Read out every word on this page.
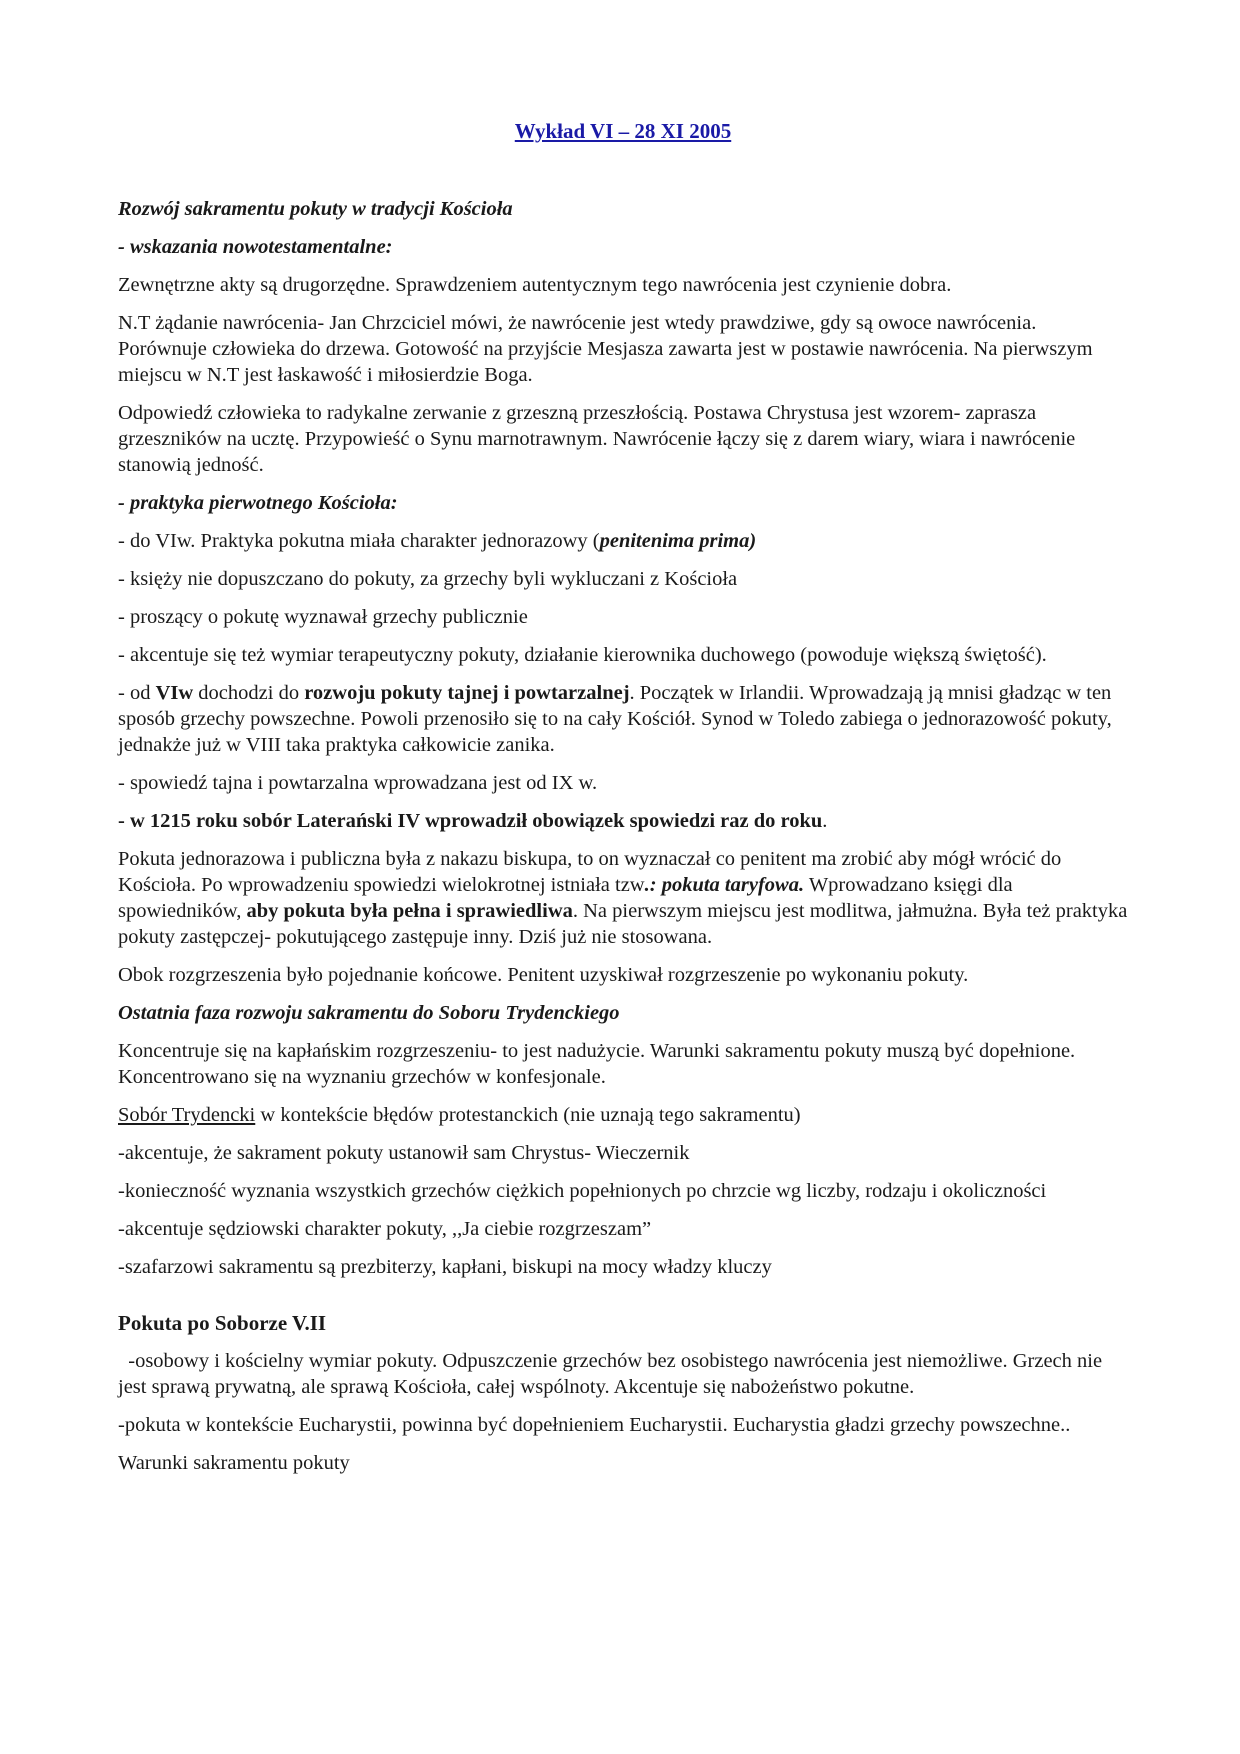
Wykład VI – 28 XI 2005
Rozwój sakramentu pokuty w tradycji Kościoła
- wskazania nowotestamentalne:
Zewnętrzne akty są drugorzędne. Sprawdzeniem autentycznym tego nawrócenia jest czynienie dobra.
N.T żądanie nawrócenia- Jan Chrzciciel mówi, że nawrócenie jest wtedy prawdziwe, gdy są owoce nawrócenia. Porównuje człowieka do drzewa. Gotowość na przyjście Mesjasza zawarta jest w postawie nawrócenia. Na pierwszym miejscu w N.T jest łaskawość i miłosierdzie Boga.
Odpowiedź człowieka to radykalne zerwanie z grzeszną przeszłością. Postawa Chrystusa jest wzorem- zaprasza grzeszników na ucztę. Przypowieść o Synu marnotrawnym. Nawrócenie łączy się z darem wiary, wiara i nawrócenie stanowią jedność.
- praktyka pierwotnego Kościoła:
- do VIw. Praktyka pokutna miała charakter jednorazowy (penitenima prima)
- księży nie dopuszczano do pokuty, za grzechy byli wykluczani z Kościoła
- proszący o pokutę wyznawał grzechy publicznie
- akcentuje się też wymiar terapeutyczny pokuty, działanie kierownika duchowego (powoduje większą świętość).
- od VIw dochodzi do rozwoju pokuty tajnej i powtarzalnej. Początek w Irlandii. Wprowadzają ją mnisi gładząc w ten sposób grzechy powszechne. Powoli przenosiło się to na cały Kościół. Synod w Toledo zabiega o jednorazowość pokuty, jednakże już w VIII taka praktyka całkowicie zanika.
- spowiedź tajna i powtarzalna wprowadzana jest od IX w.
- w 1215 roku sobór Laterański IV wprowadził obowiązek spowiedzi raz do roku.
Pokuta jednorazowa i publiczna była z nakazu biskupa, to on wyznaczał co penitent ma zrobić aby mógł wrócić do Kościoła. Po wprowadzeniu spowiedzi wielokrotnej istniała tzw.: pokuta taryfowa. Wprowadzano księgi dla spowiedników, aby pokuta była pełna i sprawiedliwa. Na pierwszym miejscu jest modlitwa, jałmużna. Była też praktyka pokuty zastępczej- pokutującego zastępuje inny. Dziś już nie stosowana.
Obok rozgrzeszenia było pojednanie końcowe. Penitent uzyskiwał rozgrzeszenie po wykonaniu pokuty.
Ostatnia faza rozwoju sakramentu do Soboru Trydenckiego
Koncentruje się na kapłańskim rozgrzeszeniu- to jest nadużycie. Warunki sakramentu pokuty muszą być dopełnione. Koncentrowano się na wyznaniu grzechów w konfesjonale.
Sobór Trydencki w kontekście błędów protestanckich (nie uznają tego sakramentu)
-akcentuje, że sakrament pokuty ustanowił sam Chrystus- Wieczernik
-konieczność wyznania wszystkich grzechów ciężkich popełnionych po chrzcie wg liczby, rodzaju i okoliczności
-akcentuje sędziowski charakter pokuty, ,,Ja ciebie rozgrzeszam”
-szafarzowi sakramentu są prezbiterzy, kapłani, biskupi na mocy władzy kluczy
Pokuta po Soborze V.II
-osobowy i kościelny wymiar pokuty. Odpuszczenie grzechów bez osobistego nawrócenia jest niemożliwe. Grzech nie jest sprawą prywatną, ale sprawą Kościoła, całej wspólnoty. Akcentuje się nabożeństwo pokutne.
-pokuta w kontekście Eucharystii, powinna być dopełnieniem Eucharystii. Eucharystia gładzi grzechy powszechne..
Warunki sakramentu pokuty
